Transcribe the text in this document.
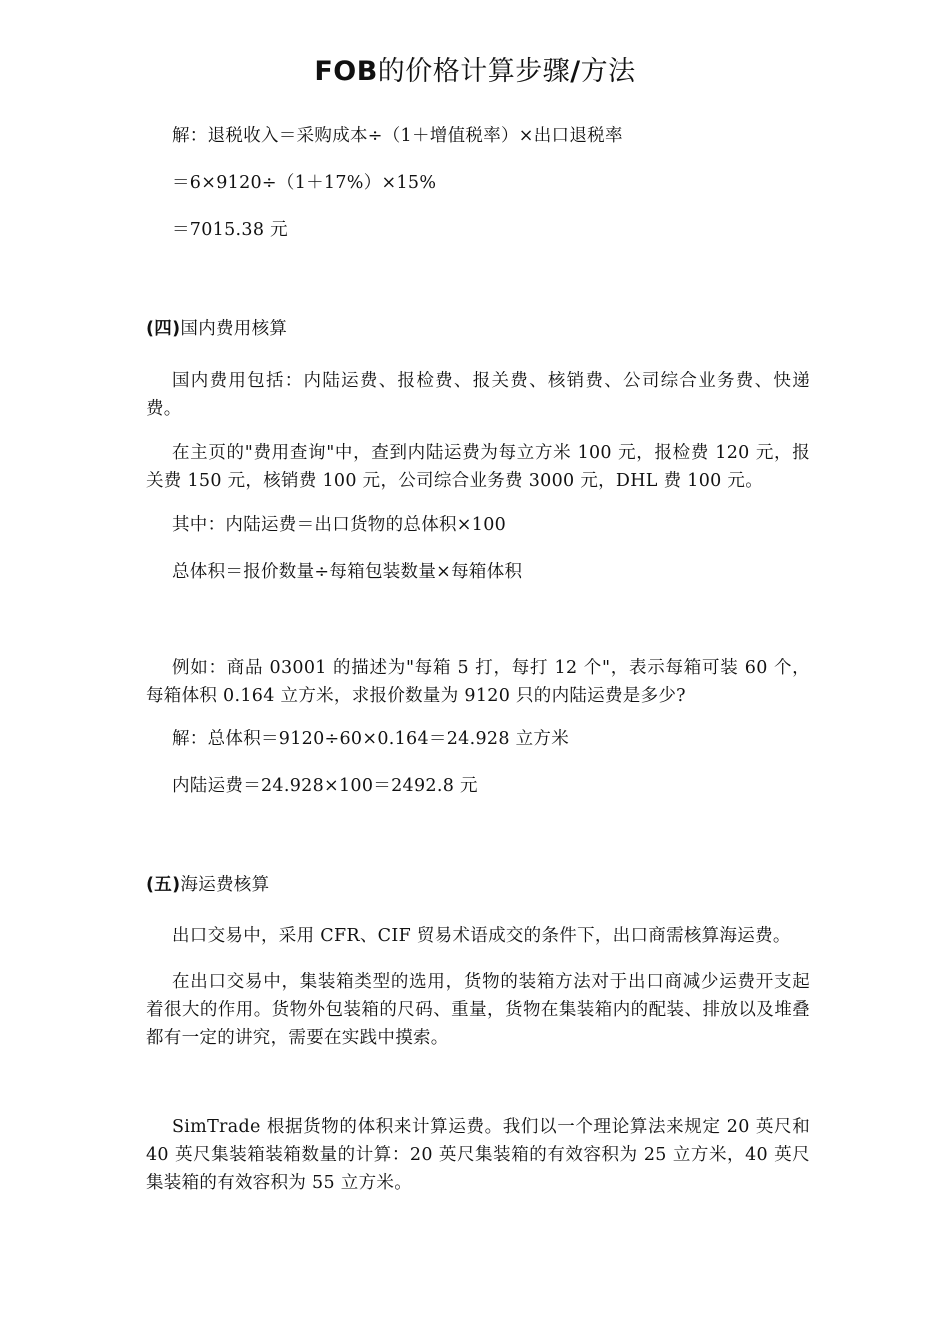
FOB的价格计算步骤/方法
解：退税收入＝采购成本÷（1＋增值税率）×出口退税率
＝6×9120÷（1＋17%）×15%
＝7015.38 元
(四)国内费用核算
国内费用包括：内陆运费、报检费、报关费、核销费、公司综合业务费、快递费。
在主页的"费用查询"中，查到内陆运费为每立方米 100 元，报检费 120 元，报关费 150 元，核销费 100 元，公司综合业务费 3000 元，DHL 费 100 元。
其中：内陆运费＝出口货物的总体积×100
总体积＝报价数量÷每箱包装数量×每箱体积
例如：商品 03001 的描述为"每箱 5 打，每打 12 个"，表示每箱可装 60 个，每箱体积 0.164 立方米，求报价数量为 9120 只的内陆运费是多少?
解：总体积＝9120÷60×0.164＝24.928 立方米
内陆运费＝24.928×100＝2492.8 元
(五)海运费核算
出口交易中，采用 CFR、CIF 贸易术语成交的条件下，出口商需核算海运费。
在出口交易中，集装箱类型的选用，货物的装箱方法对于出口商减少运费开支起着很大的作用。货物外包装箱的尺码、重量，货物在集装箱内的配装、排放以及堆叠都有一定的讲究，需要在实践中摸索。
SimTrade 根据货物的体积来计算运费。我们以一个理论算法来规定 20 英尺和 40 英尺集装箱装箱数量的计算：20 英尺集装箱的有效容积为 25 立方米，40 英尺集装箱的有效容积为 55 立方米。
